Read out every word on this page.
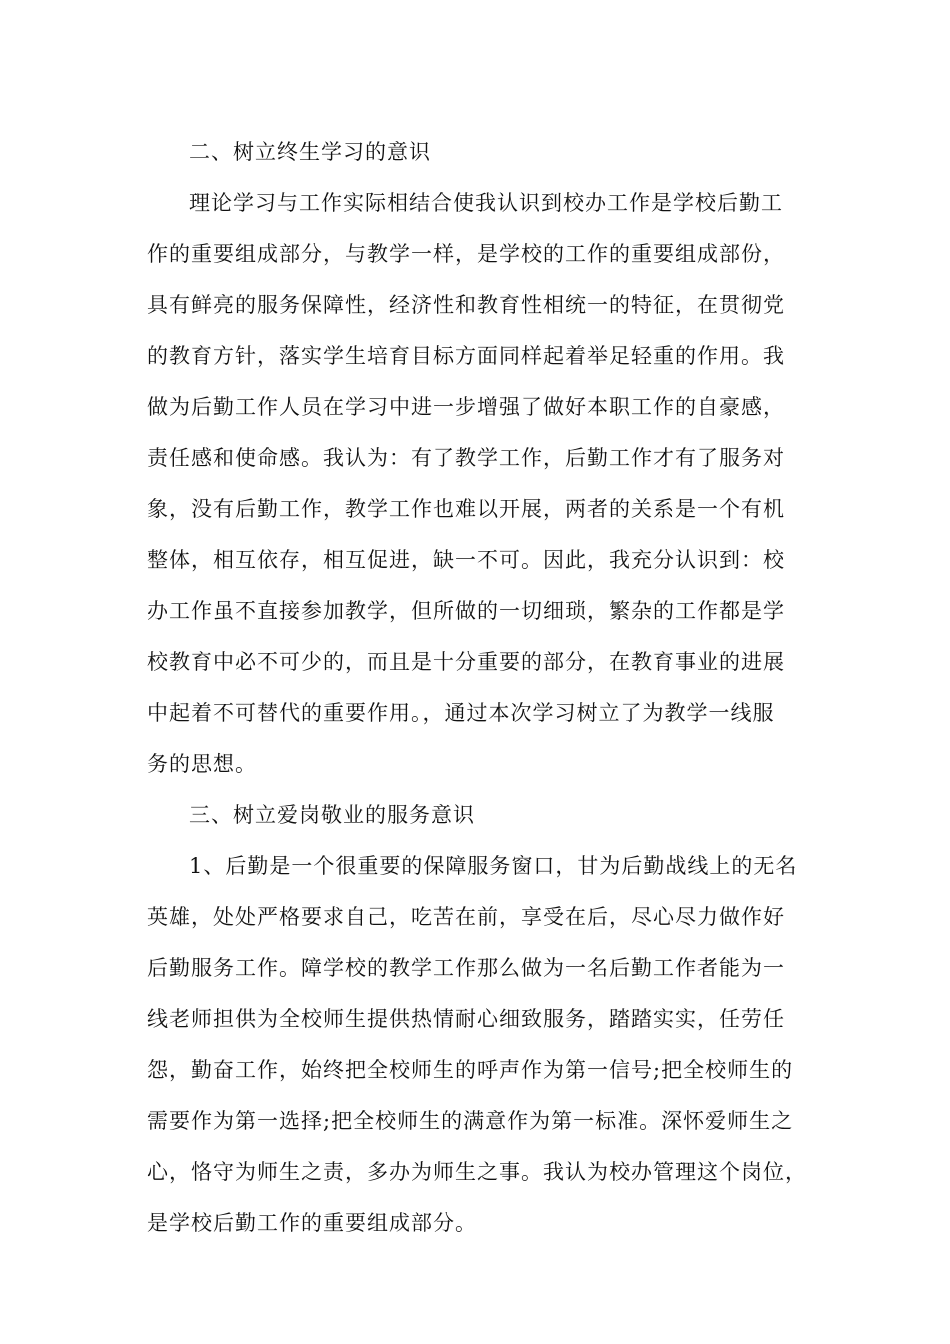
二、树立终生学习的意识
理论学习与工作实际相结合使我认识到校办工作是学校后勤工
作的重要组成部分，与教学一样，是学校的工作的重要组成部份，
具有鲜亮的服务保障性，经济性和教育性相统一的特征，在贯彻党
的教育方针，落实学生培育目标方面同样起着举足轻重的作用。我
做为后勤工作人员在学习中进一步增强了做好本职工作的自豪感，
责任感和使命感。我认为：有了教学工作，后勤工作才有了服务对
象，没有后勤工作，教学工作也难以开展，两者的关系是一个有机
整体，相互依存，相互促进，缺一不可。因此，我充分认识到：校
办工作虽不直接参加教学，但所做的一切细琐，繁杂的工作都是学
校教育中必不可少的，而且是十分重要的部分，在教育事业的进展
中起着不可替代的重要作用。，通过本次学习树立了为教学一线服
务的思想。
三、树立爱岗敬业的服务意识
1、后勤是一个很重要的保障服务窗口，甘为后勤战线上的无名
英雄，处处严格要求自己，吃苦在前，享受在后，尽心尽力做作好
后勤服务工作。障学校的教学工作那么做为一名后勤工作者能为一
线老师担供为全校师生提供热情耐心细致服务，踏踏实实，任劳任
怨，勤奋工作，始终把全校师生的呼声作为第一信号;把全校师生的
需要作为第一选择;把全校师生的满意作为第一标准。深怀爱师生之
心，恪守为师生之责，多办为师生之事。我认为校办管理这个岗位，
是学校后勤工作的重要组成部分。
